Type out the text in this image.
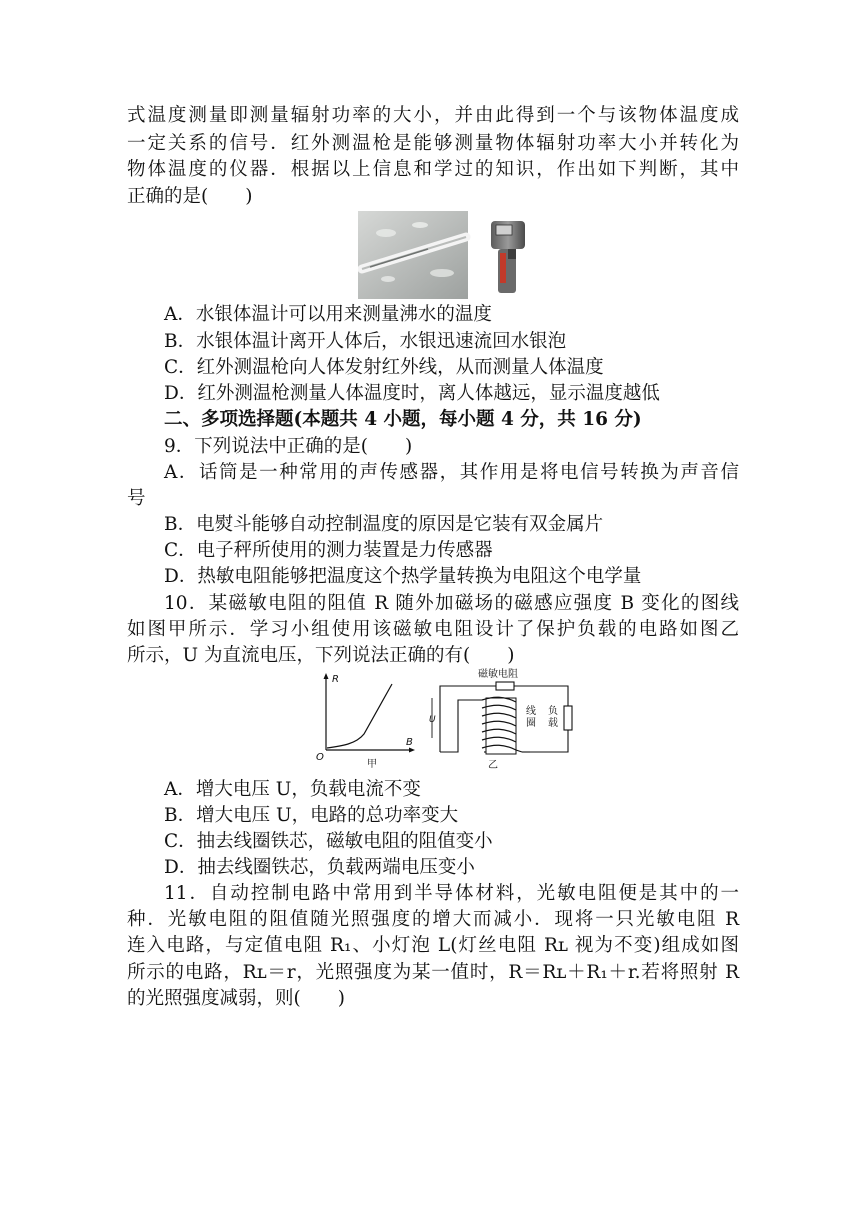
式温度测量即测量辐射功率的大小，并由此得到一个与该物体温度成
一定关系的信号．红外测温枪是能够测量物体辐射功率大小并转化为
物体温度的仪器．根据以上信息和学过的知识，作出如下判断，其中
正确的是(　　)
A．水银体温计可以用来测量沸水的温度
B．水银体温计离开人体后，水银迅速流回水银泡
C．红外测温枪向人体发射红外线，从而测量人体温度
D．红外测温枪测量人体温度时，离人体越远，显示温度越低
二、多项选择题(本题共 4 小题，每小题 4 分，共 16 分)
9．下列说法中正确的是(　　)
A．话筒是一种常用的声传感器，其作用是将电信号转换为声音信
号
B．电熨斗能够自动控制温度的原因是它装有双金属片
C．电子秤所使用的测力装置是力传感器
D．热敏电阻能够把温度这个热学量转换为电阻这个电学量
10．某磁敏电阻的阻值 R 随外加磁场的磁感应强度 B 变化的图线
如图甲所示．学习小组使用该磁敏电阻设计了保护负载的电路如图乙
所示，U 为直流电压，下列说法正确的有(　　)
R
B
O
甲
磁敏电阻
负
载
线
圈
U
乙
A．增大电压 U，负载电流不变
B．增大电压 U，电路的总功率变大
C．抽去线圈铁芯，磁敏电阻的阻值变小
D．抽去线圈铁芯，负载两端电压变小
11．自动控制电路中常用到半导体材料，光敏电阻便是其中的一
种．光敏电阻的阻值随光照强度的增大而减小．现将一只光敏电阻 R
连入电路，与定值电阻 R₁、小灯泡 L(灯丝电阻 Rʟ 视为不变)组成如图
所示的电路，Rʟ＝r，光照强度为某一值时，R＝Rʟ＋R₁＋r.若将照射 R
的光照强度减弱，则(　　)
